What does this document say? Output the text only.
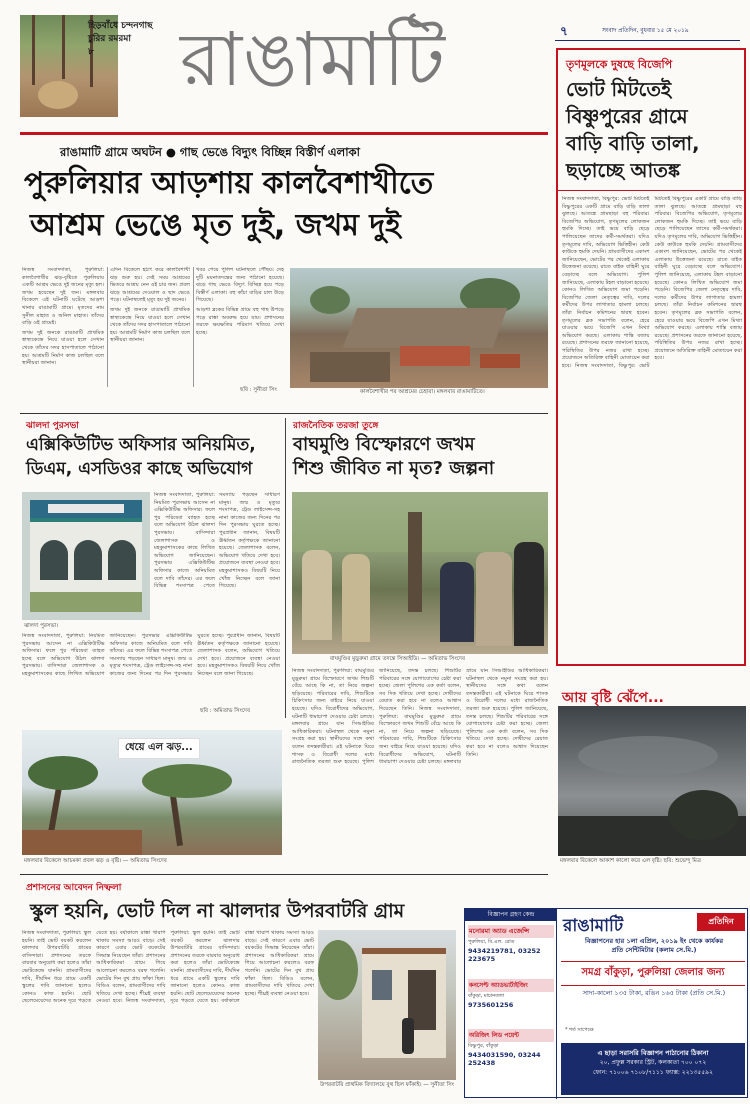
হিড়বাঁধে চন্দনগাছ চুরির রমরমা
৮	রাঙামাটি	৭	সংবাদ প্রতিদিন, বুধবার ১৫ মে ২০১৯
রাঙামাটি গ্রামে অঘটন ● গাছ ভেঙে বিদ্যুৎ বিচ্ছিন্ন বিস্তীর্ণ এলাকা
পুরুলিয়ার আড়শায় কালবৈশাখীতে
আশ্রম ভেঙে মৃত দুই, জখম দুই

নিজস্ব সংবাদদাতা, পুরুলিয়া: কালবৈশাখীর ঝড়-বৃষ্টিতে পুরুলিয়ায় একটি আশ্রম ভেঙে দুই জনের মৃত্যু হল। জখম হয়েছেন দুই জন। মঙ্গলবার বিকেলে এই ঘটনাটি ঘটেছে আড়শা থানার রাঙামাটি গ্রামে। মৃতদের নাম সুনীল মাহাত ও অনিল মাহাত। তাঁদের বাড়ি ওই গ্রামেই।

জখম দুই জনকে রাঙামাটি প্রাথমিক স্বাস্থ্যকেন্দ্রে নিয়ে যাওয়া হলে সেখান থেকে তাঁদের সদর হাসপাতালে পাঠানো হয়। আশ্রমটি নির্মাণ কাজ চলছিল বলে স্থানীয়রা জানান।

এদিন বিকেলে হঠাৎ করে কালবৈশাখী ঝড় শুরু হয়। সেই সময় আশ্রমের ভিতরে আশ্রয় নেন ওই চার জন। প্রবল ঝড়ে আশ্রমের দেওয়াল ও ছাদ ভেঙে পড়ে। ঘটনাস্থলেই মৃত্যু হয় দুই জনের।

জখম দুই জনকে রাঙামাটি প্রাথমিক স্বাস্থ্যকেন্দ্রে নিয়ে যাওয়া হলে সেখান থেকে তাঁদের সদর হাসপাতালে পাঠানো হয়। আশ্রমটি নির্মাণ কাজ চলছিল বলে স্থানীয়রা জানান।

খবর পেয়ে পুলিশ ঘটনাস্থলে পৌঁছয়। দেহ দুটি ময়নাতদন্তের জন্য পাঠানো হয়েছে। ঝড়ে গাছ ভেঙে বিদ্যুৎ বিচ্ছিন্ন হয়ে পড়ে বিস্তীর্ণ এলাকা। বহু কাঁচা বাড়ির চাল উড়ে গিয়েছে।

আড়শা ব্লকের বিভিন্ন গ্রামে বহু গাছ উপড়ে পড়ে রাস্তা অবরুদ্ধ হয়ে যায়। প্রশাসনের তরফে ক্ষয়ক্ষতির পরিমাণ খতিয়ে দেখা হচ্ছে।

ছবি : সুনীতা সিং	কালবৈশাখীর পর আশ্রমের চেহারা। মঙ্গলবার রাঙামাটিতে।
ঝালদা পুরসভা
এক্সিকিউটিভ অফিসার অনিয়মিত,
ডিএম, এসডিওর কাছে অভিযোগ
ঝালদা পুরসভা।
নিজস্ব সংবাদদাতা, পুরুলিয়া: নিয়মিত পুরসভায় আসেন না এক্সিকিউটিভ অফিসার। ফলে পুর পরিষেবা ব্যাহত হচ্ছে বলে অভিযোগ উঠল ঝালদা পুরসভায়। বাসিন্দারা জেলাশাসক ও মহকুমাশাসকের কাছে লিখিত অভিযোগ জানিয়েছেন। পুরসভার এক্সিকিউটিভ অফিসার কাজে অনিয়মিত বলে দাবি তাঁদের। এর ফলে বিভিন্ন শংসাপত্র পেতে সমস্যায় পড়ছেন সাধারণ মানুষ। জন্ম ও মৃত্যুর শংসাপত্র, ট্রেড লাইসেন্স-সহ নানা কাজের জন্য দিনের পর দিন পুরসভায় ঘুরতে হচ্ছে। পুরপ্রধান জানান, বিষয়টি ঊর্ধ্বতন কর্তৃপক্ষকে জানানো হয়েছে। জেলাশাসক বলেন, অভিযোগ খতিয়ে দেখা হবে। প্রয়োজনে ব্যবস্থা নেওয়া হবে। মহকুমাশাসকও বিষয়টি নিয়ে খোঁজ নিচ্ছেন বলে জানা গিয়েছে।
নিজস্ব সংবাদদাতা, পুরুলিয়া: নিয়মিত পুরসভায় আসেন না এক্সিকিউটিভ অফিসার। ফলে পুর পরিষেবা ব্যাহত হচ্ছে বলে অভিযোগ উঠল ঝালদা পুরসভায়। বাসিন্দারা জেলাশাসক ও মহকুমাশাসকের কাছে লিখিত অভিযোগ জানিয়েছেন। পুরসভার এক্সিকিউটিভ অফিসার কাজে অনিয়মিত বলে দাবি তাঁদের। এর ফলে বিভিন্ন শংসাপত্র পেতে সমস্যায় পড়ছেন সাধারণ মানুষ। জন্ম ও মৃত্যুর শংসাপত্র, ট্রেড লাইসেন্স-সহ নানা কাজের জন্য দিনের পর দিন পুরসভায় ঘুরতে হচ্ছে। পুরপ্রধান জানান, বিষয়টি ঊর্ধ্বতন কর্তৃপক্ষকে জানানো হয়েছে। জেলাশাসক বলেন, অভিযোগ খতিয়ে দেখা হবে। প্রয়োজনে ব্যবস্থা নেওয়া হবে। মহকুমাশাসকও বিষয়টি নিয়ে খোঁজ নিচ্ছেন বলে জানা গিয়েছে।
ছবি : অমিতাভ সিংদেব
রাজনৈতিক তরজা তুঙ্গে
বাঘমুণ্ডি বিস্ফোরণে জখম
শিশু জীবিত না মৃত? জল্পনা
বাঘমুণ্ডির মুড়ুরুমা গ্রামে তদন্তে সিআইডি। — অমিতাভ সিংদেব
নিজস্ব সংবাদদাতা, পুরুলিয়া: বাঘমুণ্ডির মুড়ুরুমা গ্রামে বিস্ফোরণে জখম শিশুটি বেঁচে আছে কি না, তা নিয়ে জল্পনা ছড়িয়েছে। পরিবারের দাবি, শিশুটিকে চিকিৎসার জন্য বাইরে নিয়ে যাওয়া হয়েছে। যদিও বিরোধীদের অভিযোগ, ঘটনাটি ধামাচাপা দেওয়ার চেষ্টা চলছে। মঙ্গলবার গ্রামে যান সিআইডির আধিকারিকরা। ঘটনাস্থল থেকে নমুনা সংগ্রহ করা হয়। স্থানীয়দের সঙ্গে কথা বলেন তদন্তকারীরা। এই ঘটনাকে ঘিরে শাসক ও বিরোধী দলের মধ্যে রাজনৈতিক তরজা শুরু হয়েছে। পুলিশ জানিয়েছে, তদন্ত চলছে। শিশুটির পরিবারের সঙ্গে যোগাযোগের চেষ্টা করা হচ্ছে। জেলা পুলিশের এক কর্তা বলেন, সব দিক খতিয়ে দেখা হচ্ছে। দোষীদের রেয়াত করা হবে না বলেও আশ্বাস দিয়েছেন তিনি। নিজস্ব সংবাদদাতা, পুরুলিয়া: বাঘমুণ্ডির মুড়ুরুমা গ্রামে বিস্ফোরণে জখম শিশুটি বেঁচে আছে কি না, তা নিয়ে জল্পনা ছড়িয়েছে। পরিবারের দাবি, শিশুটিকে চিকিৎসার জন্য বাইরে নিয়ে যাওয়া হয়েছে। যদিও বিরোধীদের অভিযোগ, ঘটনাটি ধামাচাপা দেওয়ার চেষ্টা চলছে। মঙ্গলবার গ্রামে যান সিআইডির আধিকারিকরা। ঘটনাস্থল থেকে নমুনা সংগ্রহ করা হয়। স্থানীয়দের সঙ্গে কথা বলেন তদন্তকারীরা। এই ঘটনাকে ঘিরে শাসক ও বিরোধী দলের মধ্যে রাজনৈতিক তরজা শুরু হয়েছে। পুলিশ জানিয়েছে, তদন্ত চলছে। শিশুটির পরিবারের সঙ্গে যোগাযোগের চেষ্টা করা হচ্ছে। জেলা পুলিশের এক কর্তা বলেন, সব দিক খতিয়ে দেখা হচ্ছে। দোষীদের রেয়াত করা হবে না বলেও আশ্বাস দিয়েছেন তিনি।
ধেয়ে এল ঝড়...
মঙ্গলবার বিকেলে আচমকা প্রবল ঝড় ও বৃষ্টি। — অমিতাভ সিংদেব
প্রশাসনের আবেদন নিষ্ফলা
স্কুল হয়নি, ভোট দিল না ঝালদার উপরবাটরি গ্রাম
নিজস্ব সংবাদদাতা, পুরুলিয়া: স্কুল হয়নি। তাই ভোট বয়কট করলেন ঝালদার উপরবাটরি গ্রামের বাসিন্দারা। প্রশাসনের তরফে বারবার অনুরোধ করা হলেও তাঁরা ভোটকেন্দ্রে যাননি। গ্রামবাসীদের দাবি, দীর্ঘদিন ধরে গ্রামে একটি স্কুলের দাবি জানানো হলেও কোনও কাজ হয়নি। ছোট ছেলেমেয়েদের অনেক দূরে পড়তে যেতে হয়। বর্ষাকালে রাস্তা খারাপ থাকায় সমস্যা আরও বাড়ে। সেই কারণে এবার ভোট বয়কটের সিদ্ধান্ত নিয়েছেন তাঁরা। প্রশাসনের আধিকারিকরা গ্রামে গিয়ে আলোচনা করলেও বরফ গলেনি। ভোটের দিন বুথ প্রায় ফাঁকা ছিল। বিডিও বলেন, গ্রামবাসীদের দাবি খতিয়ে দেখা হচ্ছে। শীঘ্রই ব্যবস্থা নেওয়া হবে। নিজস্ব সংবাদদাতা, পুরুলিয়া: স্কুল হয়নি। তাই ভোট বয়কট করলেন ঝালদার উপরবাটরি গ্রামের বাসিন্দারা। প্রশাসনের তরফে বারবার অনুরোধ করা হলেও তাঁরা ভোটকেন্দ্রে যাননি। গ্রামবাসীদের দাবি, দীর্ঘদিন ধরে গ্রামে একটি স্কুলের দাবি জানানো হলেও কোনও কাজ হয়নি। ছোট ছেলেমেয়েদের অনেক দূরে পড়তে যেতে হয়। বর্ষাকালে রাস্তা খারাপ থাকায় সমস্যা আরও বাড়ে। সেই কারণে এবার ভোট বয়কটের সিদ্ধান্ত নিয়েছেন তাঁরা। প্রশাসনের আধিকারিকরা গ্রামে গিয়ে আলোচনা করলেও বরফ গলেনি। ভোটের দিন বুথ প্রায় ফাঁকা ছিল। বিডিও বলেন, গ্রামবাসীদের দাবি খতিয়ে দেখা হচ্ছে। শীঘ্রই ব্যবস্থা নেওয়া হবে।
উপরবাটরি প্রাথমিক বিদ্যালয়ে বুথ ছিল ফাঁকাই। — সুনীতা সিং
তৃণমূলকে দুষছে বিজেপি
ভোট মিটতেই
বিষ্ণুপুরের গ্রামে
বাড়ি বাড়ি তালা,
ছড়াচ্ছে আতঙ্ক
নিজস্ব সংবাদদাতা, বিষ্ণুপুর: ভোট মিটতেই বিষ্ণুপুরের একটি গ্রামে বাড়ি বাড়ি তালা ঝুলছে। আতঙ্কে গ্রামছাড়া বহু পরিবার। বিজেপির অভিযোগ, তৃণমূলের লোকজন হুমকি দিচ্ছে। তাই ভয়ে বাড়ি ছেড়ে পালিয়েছেন তাদের কর্মী-সমর্থকরা। যদিও তৃণমূলের দাবি, অভিযোগ ভিত্তিহীন। কেউ কাউকে হুমকি দেয়নি। গ্রামবাসীদের একাংশ জানিয়েছেন, ভোটের পর থেকেই এলাকায় উত্তেজনা রয়েছে। রাতে বাইক বাহিনী ঘুরে বেড়াচ্ছে বলে অভিযোগ। পুলিশ জানিয়েছে, এলাকায় টহল বাড়ানো হয়েছে। কোনও লিখিত অভিযোগ জমা পড়েনি। বিজেপির জেলা নেতৃত্বের দাবি, দলের কর্মীদের উপর লাগাতার হামলা চলছে। তাঁরা নির্বাচন কমিশনের দ্বারস্থ হবেন। তৃণমূলের ব্লক সভাপতি বলেন, হেরে যাওয়ার ভয়ে বিজেপি এখন মিথ্যা অভিযোগ করছে। এলাকায় শান্তি বজায় রয়েছে। প্রশাসনের তরফে জানানো হয়েছে, পরিস্থিতির উপর নজর রাখা হচ্ছে। প্রয়োজনে অতিরিক্ত বাহিনী মোতায়েন করা হবে। নিজস্ব সংবাদদাতা, বিষ্ণুপুর: ভোট মিটতেই বিষ্ণুপুরের একটি গ্রামে বাড়ি বাড়ি তালা ঝুলছে। আতঙ্কে গ্রামছাড়া বহু পরিবার। বিজেপির অভিযোগ, তৃণমূলের লোকজন হুমকি দিচ্ছে। তাই ভয়ে বাড়ি ছেড়ে পালিয়েছেন তাদের কর্মী-সমর্থকরা। যদিও তৃণমূলের দাবি, অভিযোগ ভিত্তিহীন। কেউ কাউকে হুমকি দেয়নি। গ্রামবাসীদের একাংশ জানিয়েছেন, ভোটের পর থেকেই এলাকায় উত্তেজনা রয়েছে। রাতে বাইক বাহিনী ঘুরে বেড়াচ্ছে বলে অভিযোগ। পুলিশ জানিয়েছে, এলাকায় টহল বাড়ানো হয়েছে। কোনও লিখিত অভিযোগ জমা পড়েনি। বিজেপির জেলা নেতৃত্বের দাবি, দলের কর্মীদের উপর লাগাতার হামলা চলছে। তাঁরা নির্বাচন কমিশনের দ্বারস্থ হবেন। তৃণমূলের ব্লক সভাপতি বলেন, হেরে যাওয়ার ভয়ে বিজেপি এখন মিথ্যা অভিযোগ করছে। এলাকায় শান্তি বজায় রয়েছে। প্রশাসনের তরফে জানানো হয়েছে, পরিস্থিতির উপর নজর রাখা হচ্ছে। প্রয়োজনে অতিরিক্ত বাহিনী মোতায়েন করা হবে।
আয় বৃষ্টি ঝেঁপে...
মঙ্গলবার বিকেলে আকাশ কালো করে এল বৃষ্টি। ছবি: শুভেন্দু মিত্র
বিজ্ঞাপন গ্রহণ কেন্দ্র
মনোরমা অ্যাড এজেন্সি
পুরুলিয়া, বি.এল. রোড
9434219781, 03252 223675
কনসেপ্ট অ্যাডভার্টাইজিং
বাঁকুড়া, মাচানতলা
9735601256
অরিজিৎ লিড পয়েন্ট
বিষ্ণুপুর, বাঁকুড়া
9434031590, 03244 252438
রাঙামাটি	প্রতিদিন
বিজ্ঞাপনের হার ১লা এপ্রিল, ২০১৯ ইং থেকে কার্যকর
প্রতি সেন্টিমিটার (কলাম সে.মি.)
সমগ্র বাঁকুড়া, পুরুলিয়া জেলার জন্য
সাদা-কালো ১৩৫ টাকা, রঙিন ১৬৫ টাকা (প্রতি সে.মি.)
* শর্ত সাপেক্ষে
এ ছাড়া সরাসরি বিজ্ঞাপন পাঠানোর ঠিকানা
২০, প্রফুল্ল সরকার স্ট্রিট, কলকাতা ৭০০ ০৭২
ফোন: ৭১০০৬ ৭১০৮/৭১১১ ফ্যাক্স: ২২১৩৫৫৯২
